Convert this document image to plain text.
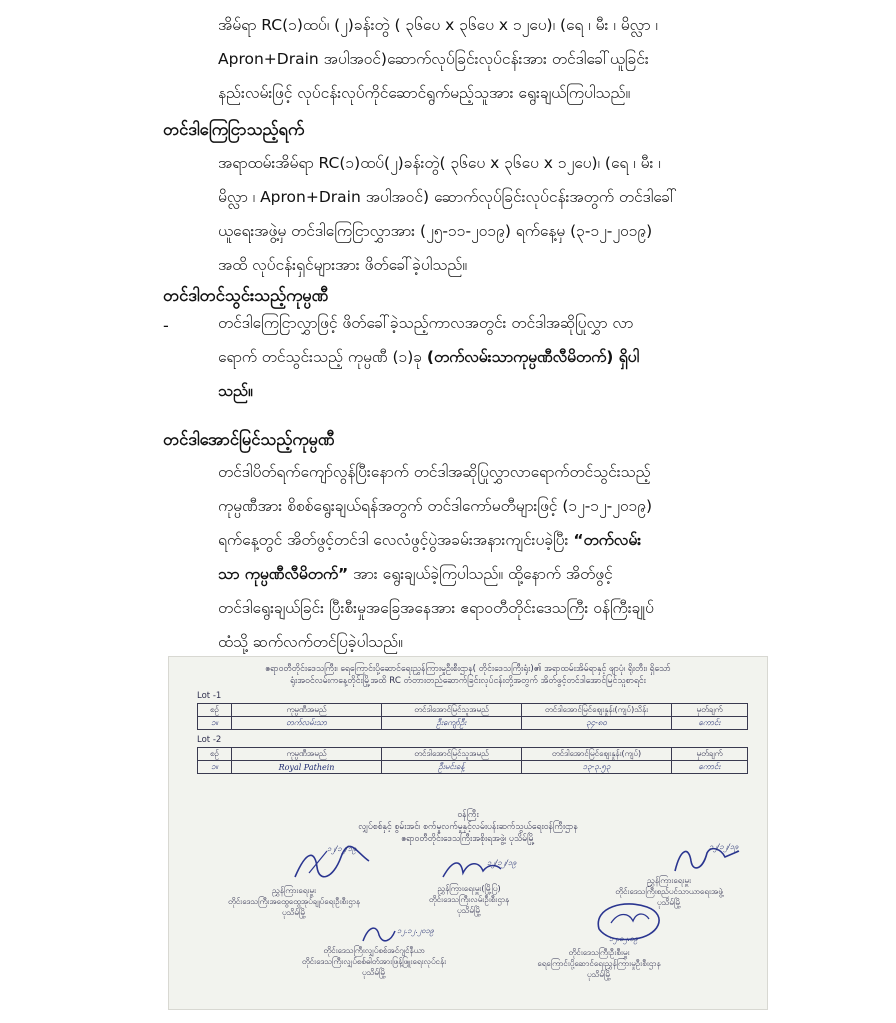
အိမ်ရာ RC(၁)ထပ်၊ (၂)ခန်းတွဲ ( ၃၆ပေ x ၃၆ပေ x ၁၂ပေ)၊ (ရေ ၊ မီး ၊ မိလ္လာ ၊

Apron+Drain အပါအဝင်)ဆောက်လုပ်ခြင်းလုပ်ငန်းအား တင်ဒါခေါ်ယူခြင်း

နည်းလမ်းဖြင့် လုပ်ငန်းလုပ်ကိုင်ဆောင်ရွက်မည့်သူအား ရွေးချယ်ကြပါသည်။

တင်ဒါကြေငြာသည့်ရက်

အရာထမ်းအိမ်ရာ RC(၁)ထပ်(၂)ခန်းတွဲ( ၃၆ပေ x ၃၆ပေ x ၁၂ပေ)၊ (ရေ ၊ မီး ၊

မိလ္လာ ၊ Apron+Drain အပါအဝင်) ဆောက်လုပ်ခြင်းလုပ်ငန်းအတွက် တင်ဒါခေါ်

ယူရေးအဖွဲ့မှ တင်ဒါကြေငြာလွှာအား (၂၅-၁၁-၂၀၁၉) ရက်နေ့မှ (၃-၁၂-၂၀၁၉)

အထိ လုပ်ငန်းရှင်များအား ဖိတ်ခေါ်ခဲ့ပါသည်။

တင်ဒါတင်သွင်းသည့်ကုမ္ပဏီ
-	တင်ဒါကြေငြာလွှာဖြင့် ဖိတ်ခေါ်ခဲ့သည့်ကာလအတွင်း တင်ဒါအဆိုပြုလွှာ လာ

ရောက် တင်သွင်းသည့် ကုမ္ပဏီ (၁)ခု (တက်လမ်းသာကုမ္ပဏီလီမိတက်) ရှိပါ

သည်။

တင်ဒါအောင်မြင်သည့်ကုမ္ပဏီ

တင်ဒါပိတ်ရက်ကျော်လွန်ပြီးနောက် တင်ဒါအဆိုပြုလွှာလာရောက်တင်သွင်းသည့်

ကုမ္ပဏီအား စိစစ်ရွေးချယ်ရန်အတွက် တင်ဒါကော်မတီများဖြင့် (၁၂-၁၂-၂၀၁၉)

ရက်နေ့တွင် အိတ်ဖွင့်တင်ဒါ လေလံဖွင့်ပွဲအခမ်းအနားကျင်းပခဲ့ပြီး “တက်လမ်း

သာ ကုမ္ပဏီလီမိတက်” အား ရွေးချယ်ခဲ့ကြပါသည်။ ထို့နောက် အိတ်ဖွင့်

တင်ဒါရွေးချယ်ခြင်း ပြီးစီးမှုအခြေအနေအား ဧရာဝတီတိုင်းဒေသကြီး ဝန်ကြီးချုပ်

ထံသို့ ဆက်လက်တင်ပြခဲ့ပါသည်။

ဧရာဝတီတိုင်းဒေသကြီး၊ ရေကြောင်းပို့ဆောင်ရေးညွှန်ကြားမှုဦးစီးဌာန( တိုင်းဒေသကြီးရုံး)၏ အရာထမ်းအိမ်ရာနှင့် ဖျာပုံ၊ ရိုးတီး၊ ရှိသော်
ရုံးအဝင်လမ်းကနေ့တိုင်းမြို့အထိ RC တံတားတည်ဆောက်ခြင်းလုပ်ငန်းတို့အတွက် အိတ်ဖွင့်တင်ဒါအောင်မြင်သူစာရင်း
Lot -1
စဉ်	ကုမ္ပဏီအမည်	တင်ဒါအောင်မြင်သူအမည်	တင်ဒါအောင်မြင်စျေးနှုန်း(ကျပ်)သိန်း	မှတ်ချက်
၁။	တက်လမ်းသာ	ဦးကျော်ဦး	၃၄-၈၀	ကောင်း
Lot -2
စဉ်	ကုမ္ပဏီအမည်	တင်ဒါအောင်မြင်သူအမည်	တင်ဒါအောင်မြင်စျေးနှုန်း(ကျပ်)	မှတ်ချက်
၁။	Royal Pathein	ဦးမင်းခန့်	၁၃-၃.၅၃	ကောင်း
ဝန်ကြီး
လျှပ်စစ်နှင့် စွမ်းအင်၊ စက်မှုလက်မှုနှင့်လမ်းပန်းဆက်သွယ်ရေးဝန်ကြီးဌာန
ဧရာဝတီတိုင်းဒေသကြီးအစိုးရအဖွဲ့၊ ပုသိမ်မြို့
၁၂/၁၂/၁၉
ညွှန်ကြားရေးမှူး
တိုင်းဒေသကြီးအထွေထွေအုပ်ချုပ်ရေးဦးစီးဌာန
ပုသိမ်မြို့
၁၂/၁၂/၁၉
ညွှန်ကြားရေးမှူး(မြို့ပြ)
တိုင်းဒေသကြီးလမ်းဦးစီးဌာန
ပုသိမ်မြို့
၁၂/၁၂/၁၉
ညွှန်ကြားရေးမှူး
တိုင်းဒေသကြီးစည်ပင်သာယာရေးအဖွဲ့
ပုသိမ်မြို့
၁၂.၁၂.၂၀၁၉
တိုင်းဒေသကြီးလျှပ်စစ်အင်ဂျင်နီယာ
တိုင်းဒေသကြီးလျှပ်စစ်ဓါတ်အားဖြန့်ဖြူးရေးလုပ်ငန်း
ပုသိမ်မြို့
၁၂.၁၂.၁၉
တိုင်းဒေသကြီးဦးစီးမှူး
ရေကြောင်းပို့ဆောင်ရေးညွှန်ကြားမှုဦးစီးဌာန
ပုသိမ်မြို့
